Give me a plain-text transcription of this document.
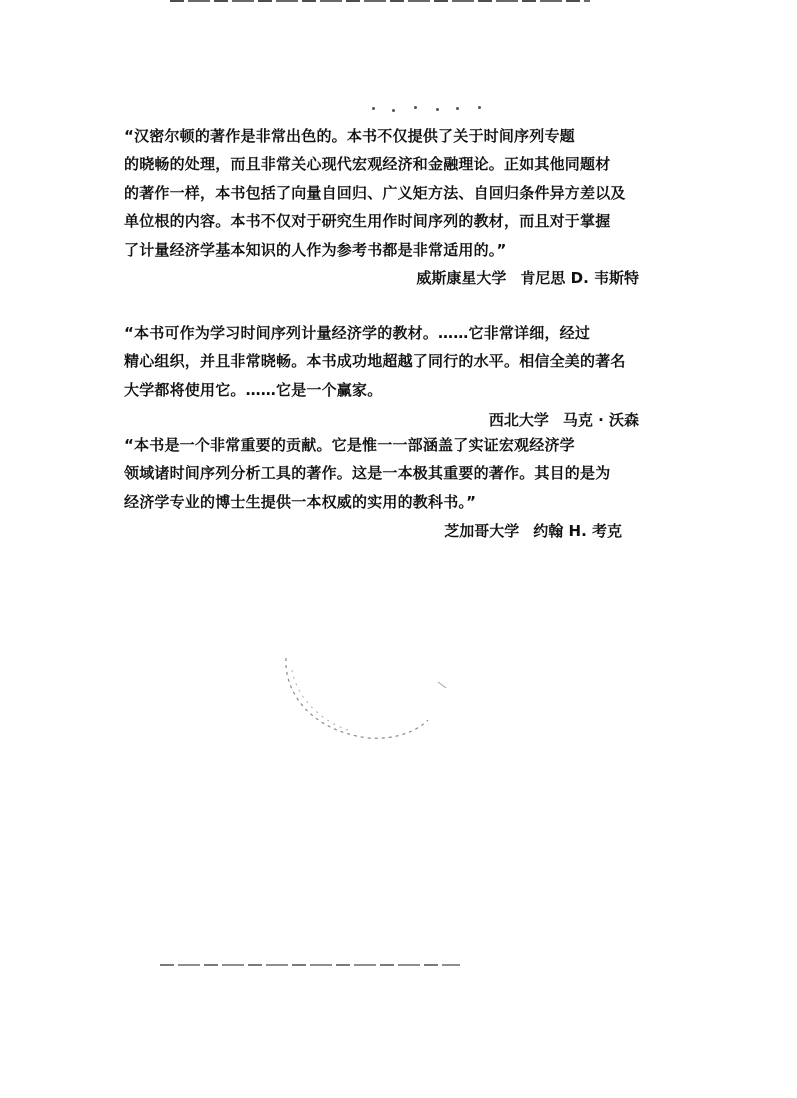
“汉密尔顿的著作是非常出色的。本书不仅提供了关于时间序列专题
的晓畅的处理，而且非常关心现代宏观经济和金融理论。正如其他同题材
的著作一样，本书包括了向量自回归、广义矩方法、自回归条件异方差以及
单位根的内容。本书不仅对于研究生用作时间序列的教材，而且对于掌握
了计量经济学基本知识的人作为参考书都是非常适用的。”
威斯康星大学 肯尼思 D. 韦斯特
“本书可作为学习时间序列计量经济学的教材。……它非常详细，经过
精心组织，并且非常晓畅。本书成功地超越了同行的水平。相信全美的著名
大学都将使用它。……它是一个赢家。
西北大学 马克 · 沃森
“本书是一个非常重要的贡献。它是惟一一部涵盖了实证宏观经济学
领域诸时间序列分析工具的著作。这是一本极其重要的著作。其目的是为
经济学专业的博士生提供一本权威的实用的教科书。”
芝加哥大学 约翰 H. 考克
